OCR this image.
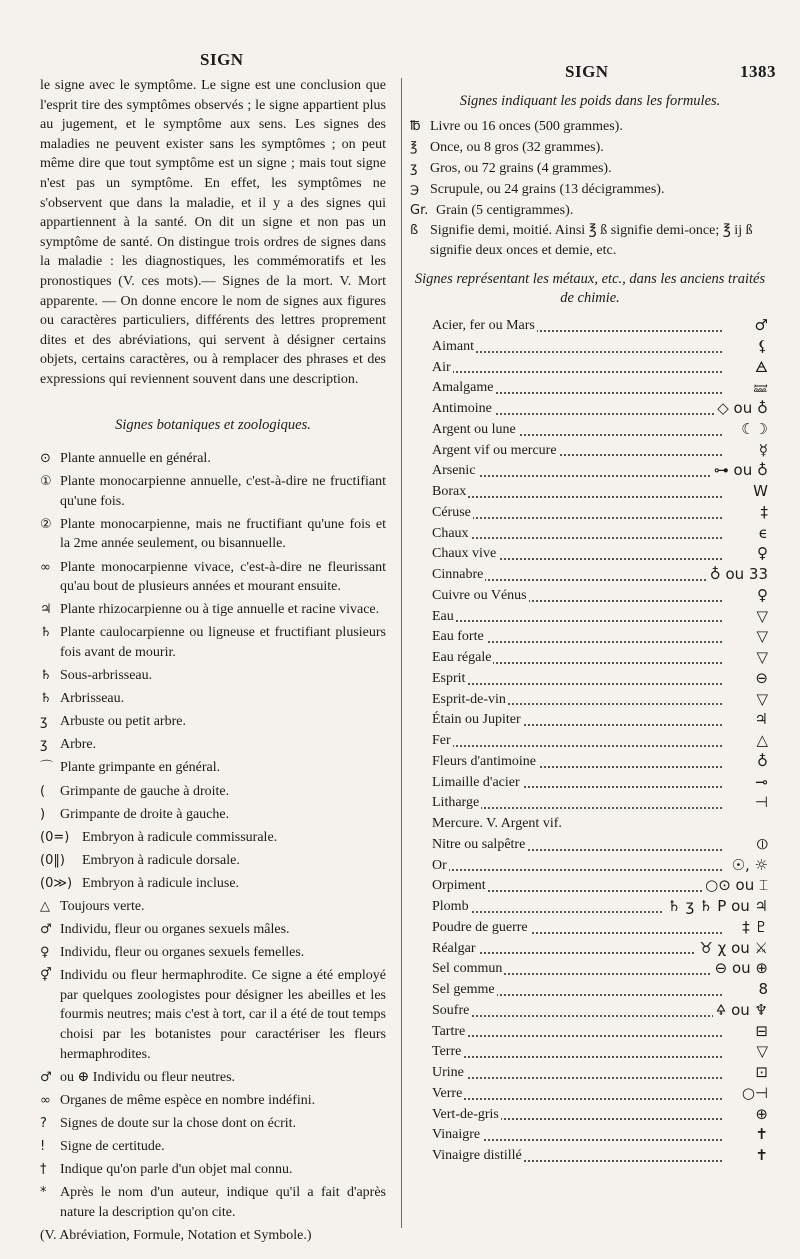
SIGN
SIGN	1383

le signe avec le symptôme. Le signe est une conclusion que l'esprit tire des symptômes observés ; le signe appartient plus au jugement, et le symptôme aux sens. Les signes des maladies ne peuvent exister sans les symptômes ; on peut même dire que tout symptôme est un signe ; mais tout signe n'est pas un symptôme. En effet, les symptômes ne s'observent que dans la maladie, et il y a des signes qui appartiennent à la santé. On dit un signe et non pas un symptôme de santé. On distingue trois ordres de signes dans la maladie : les diagnostiques, les commémoratifs et les pronostiques (V. ces mots).— Signes de la mort. V. Mort apparente. — On donne encore le nom de signes aux figures ou caractères particuliers, différents des lettres proprement dites et des abréviations, qui servent à désigner certains objets, certains caractères, ou à remplacer des phrases et des expressions qui reviennent souvent dans une description.

Signes botaniques et zoologiques.
⊙ Plante annuelle en général.
① Plante monocarpienne annuelle, c'est-à-dire ne fructifiant qu'une fois.
② Plante monocarpienne, mais ne fructifiant qu'une fois et la 2me année seulement, ou bisannuelle.
∞ Plante monocarpienne vivace, c'est-à-dire ne fleurissant qu'au bout de plusieurs années et mourant ensuite.
♃ Plante rhizocarpienne ou à tige annuelle et racine vivace.
♄ Plante caulocarpienne ou ligneuse et fructifiant plusieurs fois avant de mourir.
♄ Sous-arbrisseau.
♄ Arbrisseau.
ʒ Arbuste ou petit arbre.
ʒ Arbre.
⌒ Plante grimpante en général.
(	Grimpante de gauche à droite.
)	Grimpante de droite à gauche.
(0=) Embryon à radicule commissurale.
(0‖) Embryon à radicule dorsale.
(0≫) Embryon à radicule incluse.
△ Toujours verte.
♂ Individu, fleur ou organes sexuels mâles.
♀ Individu, fleur ou organes sexuels femelles.
⚥ Individu ou fleur hermaphrodite. Ce signe a été employé par quelques zoologistes pour désigner les abeilles et les fourmis neutres; mais c'est à tort, car il a été de tout temps choisi par les botanistes pour caractériser les fleurs hermaphrodites.
♂ ou ⊕ Individu ou fleur neutres.
∞ Organes de même espèce en nombre indéfini.
? Signes de doute sur la chose dont on écrit.
!	Signe de certitude.
† Indique qu'on parle d'un objet mal connu.
* Après le nom d'un auteur, indique qu'il a fait d'après nature la description qu'on cite.

(V. Abréviation, Formule, Notation et Symbole.)

Signes indiquant les poids dans les formules.
℔ Livre ou 16 onces (500 grammes).
℥ Once, ou 8 gros (32 grammes).
ʒ Gros, ou 72 grains (4 grammes).
℈ Scrupule, ou 24 grains (13 décigrammes).
Gr. Grain (5 centigrammes).
ß Signifie demi, moitié. Ainsi ℥ ß signifie demi-once; ℥ ij ß signifie deux onces et demie, etc.
Signes représentant les métaux, etc., dans les anciens traités de chimie.
Acier, fer ou Mars	♂
Aimant	⚸
Air	🜁
Amalgame	🝛
Antimoine	◇ ou ♁
Argent ou lune	☾☽
Argent vif ou mercure	☿
Arsenic	⊶ ou ♁
Borax	W
Céruse	‡
Chaux	ϵ
Chaux vive	♀
Cinnabre	♁ ou 33
Cuivre ou Vénus	♀
Eau	▽
Eau forte	▽
Eau régale	▽
Esprit	⊖
Esprit-de-vin	▽
Étain ou Jupiter	♃
Fer	△
Fleurs d'antimoine	♁
Limaille d'acier	⊸
Litharge	⊣
Mercure. V. Argent vif.
Nitre ou salpêtre	⦶
Or	☉, ☼
Orpiment	○⊙ ou ⌶
Plomb	♄ ʒ ♄ P ou ♃
Poudre de guerre	‡ ♇
Réalgar	♉ χ ou ⚔
Sel commun	⊖ ou ⊕
Sel gemme	8
Soufre	🜍 ou ♆
Tartre	⊟
Terre	▽
Urine	⊡
Verre	○⊣
Vert-de-gris	⊕
Vinaigre	✝
Vinaigre distillé	✝
